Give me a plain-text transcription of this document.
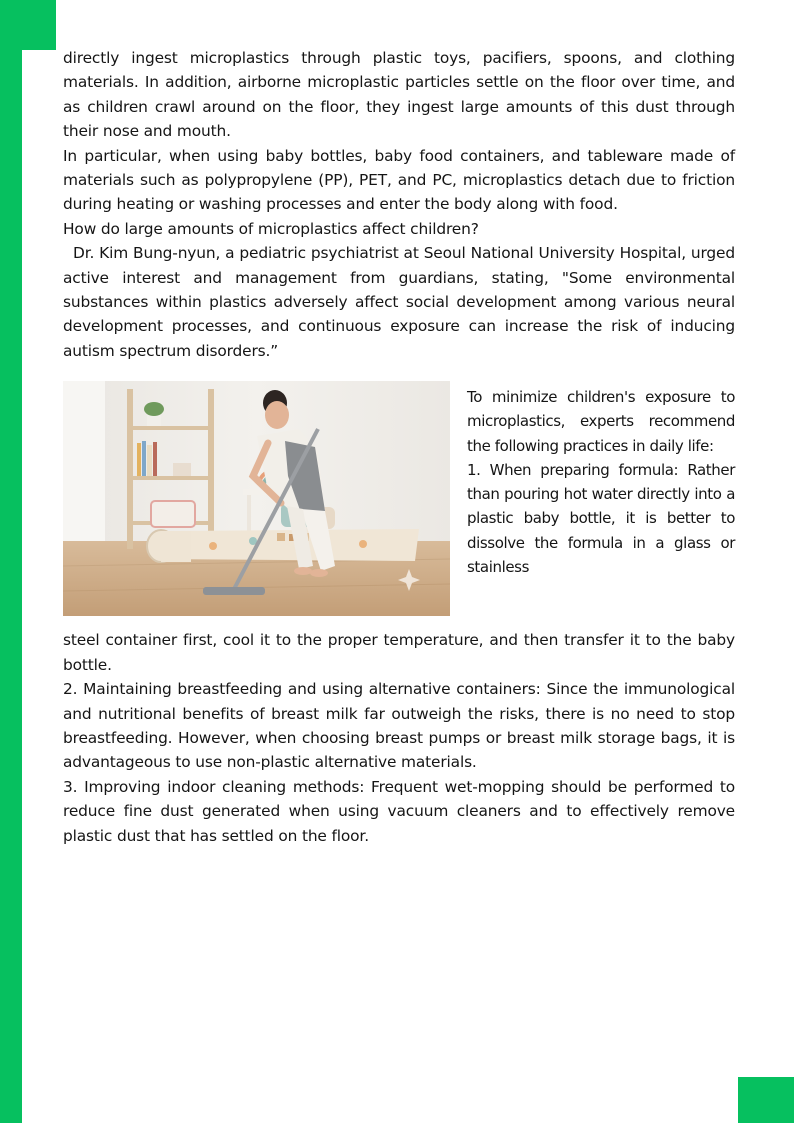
directly ingest microplastics through plastic toys, pacifiers, spoons, and clothing materials. In addition, airborne microplastic particles settle on the floor over time, and as children crawl around on the floor, they ingest large amounts of this dust through their nose and mouth.

In particular, when using baby bottles, baby food containers, and tableware made of materials such as polypropylene (PP), PET, and PC, microplastics detach due to friction during heating or washing processes and enter the body along with food.

How do large amounts of microplastics affect children?

Dr. Kim Bung-nyun, a pediatric psychiatrist at Seoul National University Hospital, urged active interest and management from guardians, stating, "Some environmental substances within plastics adversely affect social development among various neural development processes, and continuous exposure can increase the risk of inducing autism spectrum disorders.”

To minimize children's exposure to microplastics, experts recommend the following practices in daily life:

1. When preparing formula: Rather than pouring hot water directly into a plastic baby bottle, it is better to dissolve the formula in a glass or stainless

steel container first, cool it to the proper temperature, and then transfer it to the baby bottle.

2. Maintaining breastfeeding and using alternative containers: Since the immunological and nutritional benefits of breast milk far outweigh the risks, there is no need to stop breastfeeding. However, when choosing breast pumps or breast milk storage bags, it is advantageous to use non-plastic alternative materials.

3. Improving indoor cleaning methods: Frequent wet-mopping should be performed to reduce fine dust generated when using vacuum cleaners and to effectively remove plastic dust that has settled on the floor.
